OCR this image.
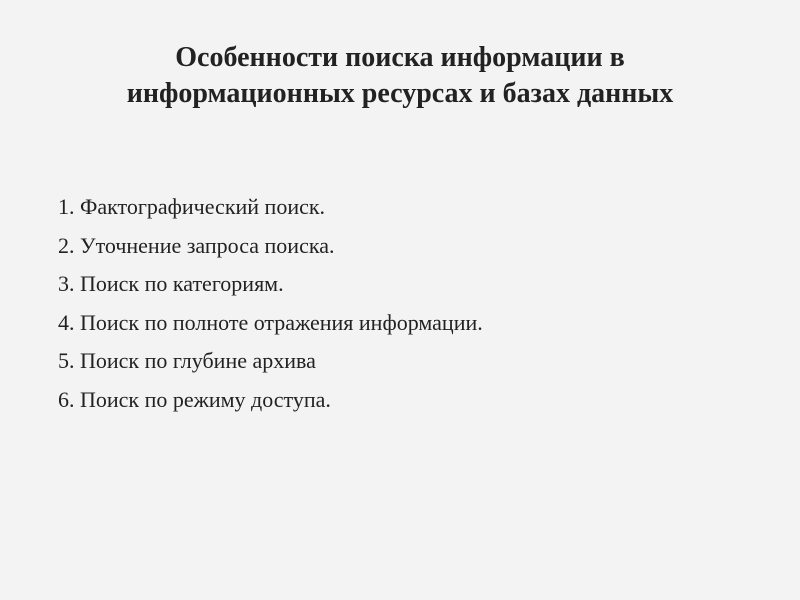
Особенности поиска информации в
информационных ресурсах и базах данных
1. Фактографический поиск.
2. Уточнение запроса поиска.
3. Поиск по категориям.
4. Поиск по полноте отражения информации.
5. Поиск по глубине архива
6. Поиск по режиму доступа.
